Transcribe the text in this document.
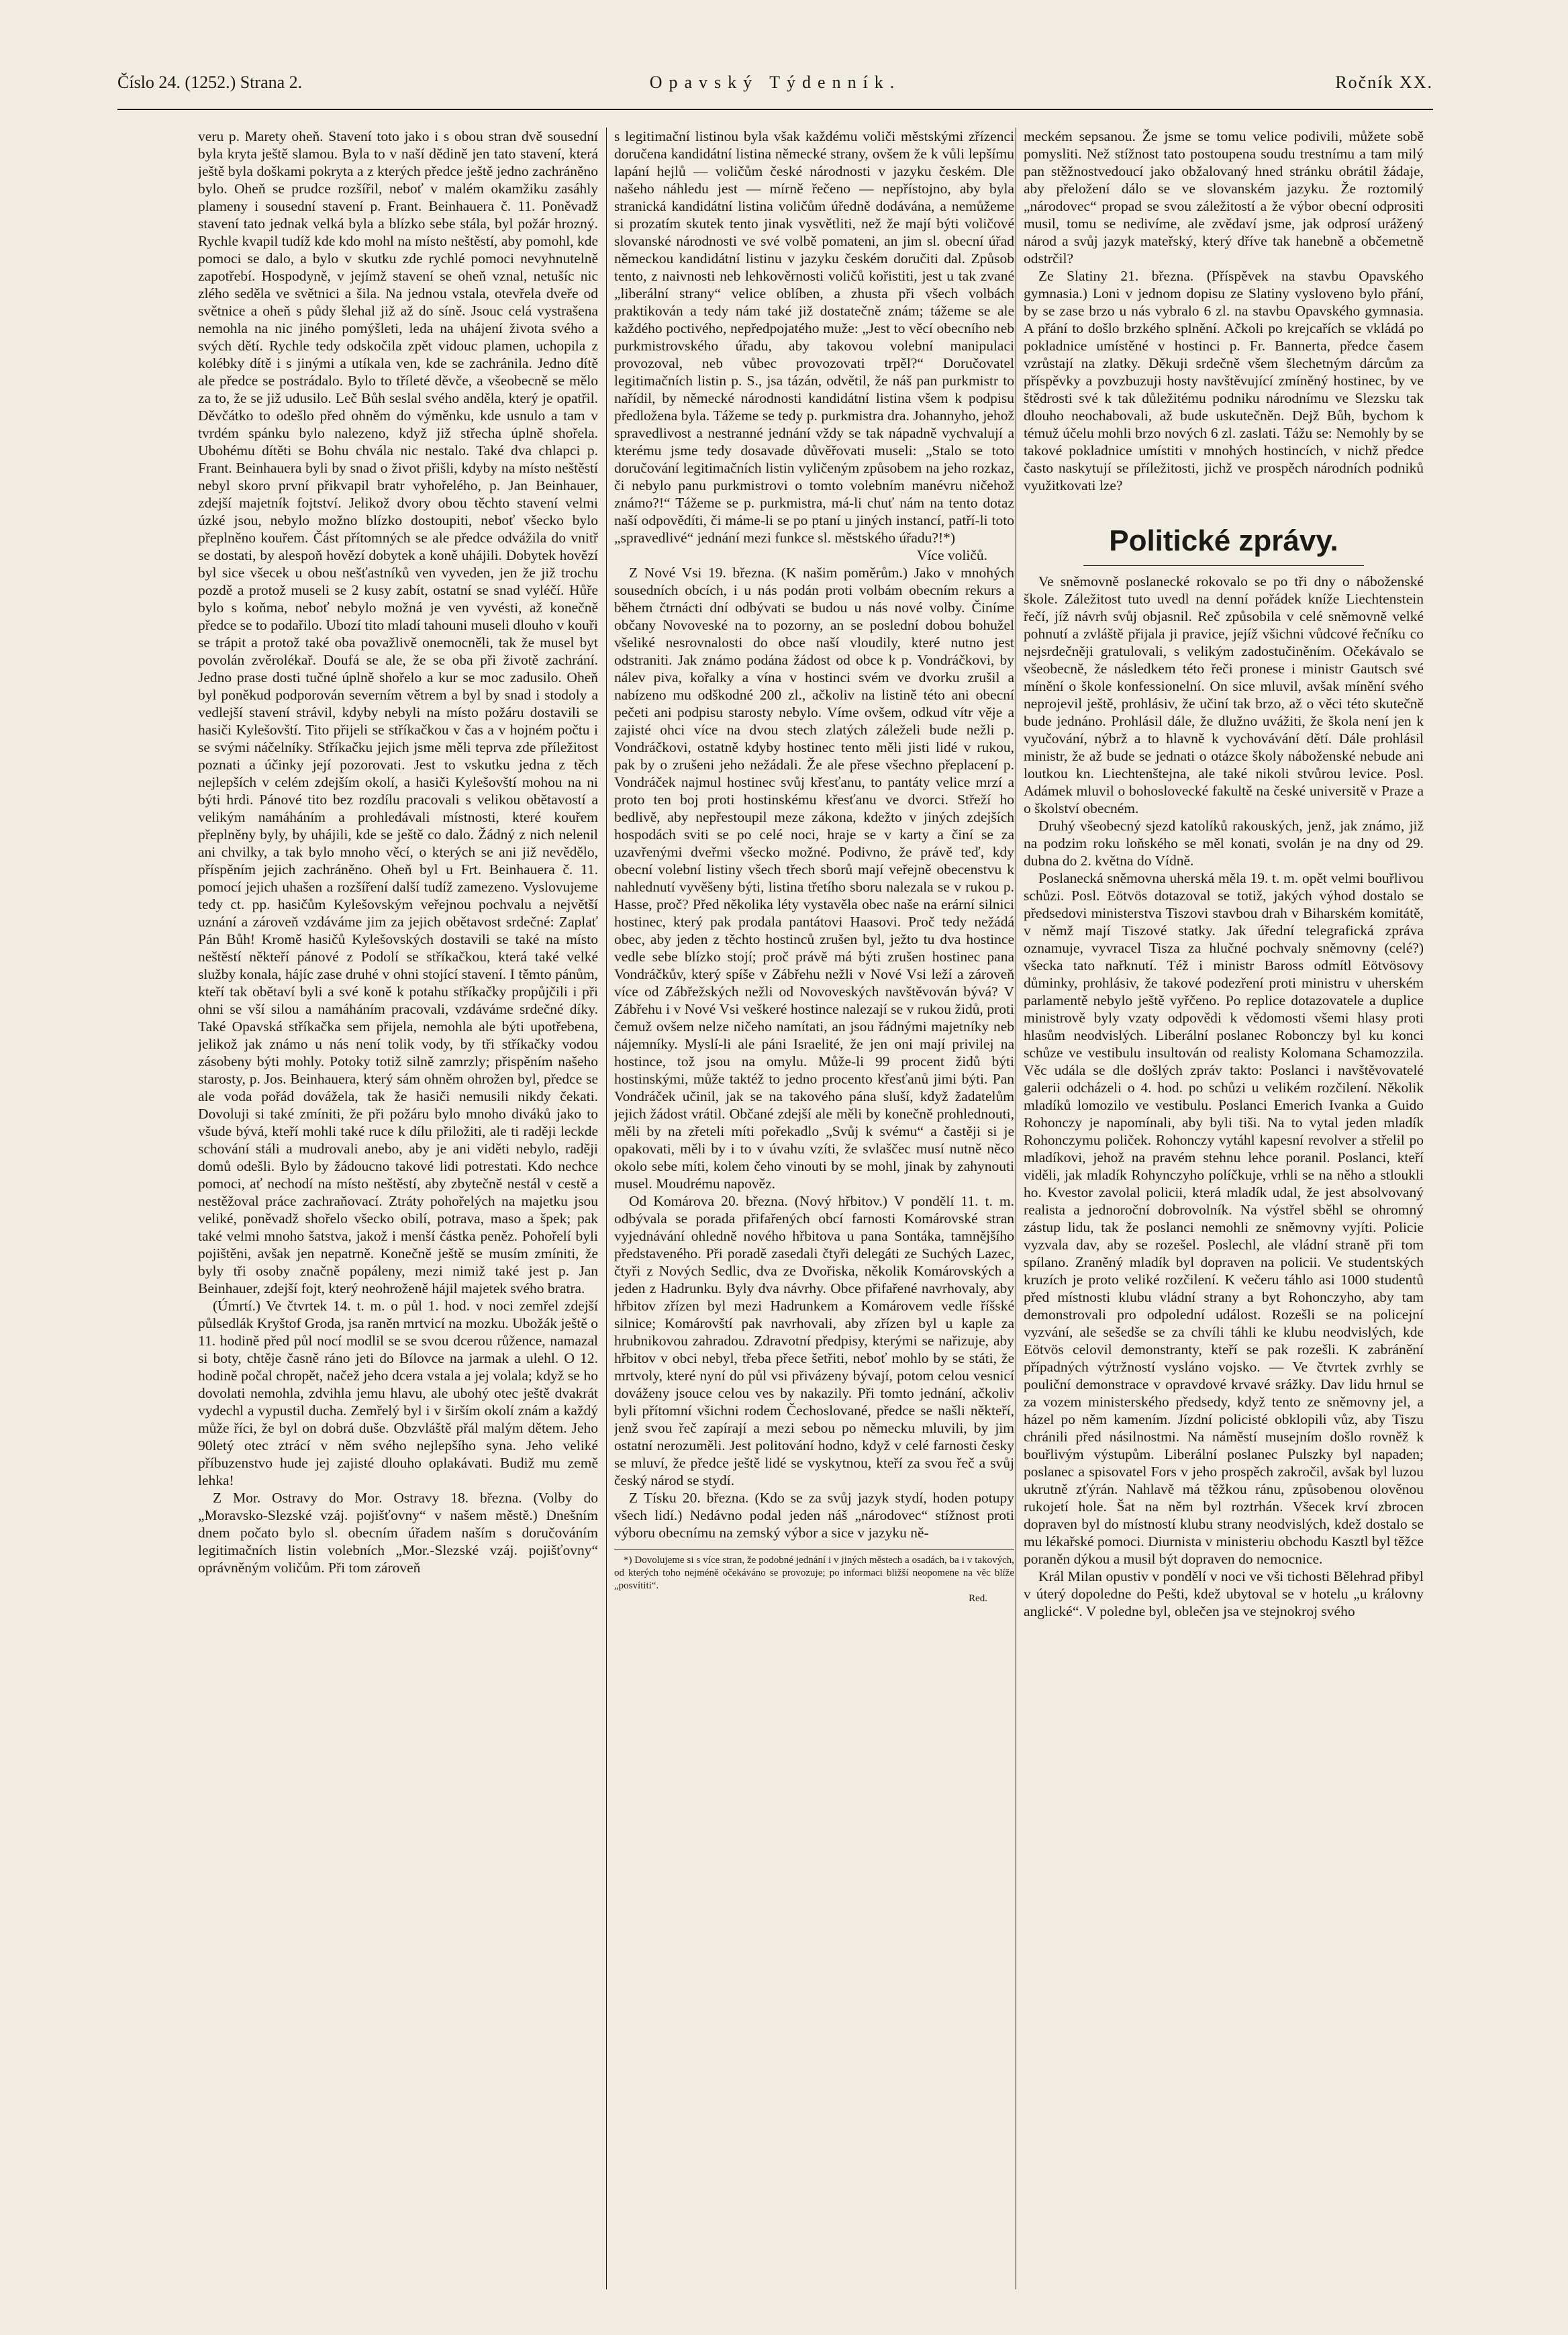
Číslo 24. (1252.) Strana 2.	Opavský Týdenník.	Ročník XX.

veru p. Marety oheň. Stavení toto jako i s obou stran dvě sousední byla kryta ještě slamou. Byla to v naší dědině jen tato stavení, která ještě byla doškami pokryta a z kterých předce ještě jedno zachráněno bylo. Oheň se prudce rozšířil, neboť v malém okamžiku zasáhly plameny i sousední stavení p. Frant. Beinhauera č. 11. Poněvadž stavení tato jednak velká byla a blízko sebe stála, byl požár hrozný. Rychle kvapil tudíž kde kdo mohl na místo neštěstí, aby pomohl, kde pomoci se dalo, a bylo v skutku zde rychlé pomoci nevyhnutelně zapotřebí. Hospodyně, v jejímž stavení se oheň vznal, netušíc nic zlého seděla ve světnici a šila. Na jednou vstala, otevřela dveře od světnice a oheň s půdy šlehal již až do síně. Jsouc celá vystrašena nemohla na nic jiného pomýšleti, leda na uhájení života svého a svých dětí. Rychle tedy odskočila zpět vidouc plamen, uchopila z kolébky dítě i s jinými a utíkala ven, kde se zachránila. Jedno dítě ale předce se postrádalo. Bylo to tříleté děvče, a všeobecně se mělo za to, že se již udusilo. Leč Bůh seslal svého anděla, který je opatřil. Děvčátko to odešlo před ohněm do výměnku, kde usnulo a tam v tvrdém spánku bylo nalezeno, když již střecha úplně shořela. Ubohému dítěti se Bohu chvála nic nestalo. Také dva chlapci p. Frant. Beinhauera byli by snad o život přišli, kdyby na místo neštěstí nebyl skoro první přikvapil bratr vyhořelého, p. Jan Beinhauer, zdejší majetník fojtství. Jelikož dvory obou těchto stavení velmi úzké jsou, nebylo možno blízko dostoupiti, neboť všecko bylo přeplněno kouřem. Část přítomných se ale předce odvážila do vnitř se dostati, by alespoň hovězí dobytek a koně uhájili. Dobytek hovězí byl sice všecek u obou nešťastníků ven vyveden, jen že již trochu pozdě a protož museli se 2 kusy zabít, ostatní se snad vyléčí. Hůře bylo s koňma, neboť nebylo možná je ven vyvésti, až konečně předce se to podařilo. Ubozí tito mladí tahouni museli dlouho v kouři se trápit a protož také oba považlivě onemocněli, tak že musel byt povolán zvěrolékař. Doufá se ale, že se oba při životě zachrání. Jedno prase dosti tučné úplně shořelo a kur se moc zadusilo. Oheň byl poněkud podporován severním větrem a byl by snad i stodoly a vedlejší stavení strávil, kdyby nebyli na místo požáru dostavili se hasiči Kylešovští. Tito přijeli se stříkačkou v čas a v hojném počtu i se svými náčelníky. Stříkačku jejich jsme měli teprva zde příležitost poznati a účinky její pozorovati. Jest to vskutku jedna z těch nejlepších v celém zdejším okolí, a hasiči Kylešovští mohou na ni býti hrdi. Pánové tito bez rozdílu pracovali s velikou obětavostí a velikým namáháním a prohledávali místnosti, které kouřem přeplněny byly, by uhájili, kde se ještě co dalo. Žádný z nich nelenil ani chvilky, a tak bylo mnoho věcí, o kterých se ani již nevědělo, příspěním jejich zachráněno. Oheň byl u Frt. Beinhauera č. 11. pomocí jejich uhašen a rozšíření další tudíž zamezeno. Vyslovujeme tedy ct. pp. hasičům Kylešovským veřejnou pochvalu a největší uznání a zároveň vzdáváme jim za jejich obětavost srdečné: Zaplať Pán Bůh! Kromě hasičů Kylešovských dostavili se také na místo neštěstí někteří pánové z Podolí se stříkačkou, která také velké služby konala, hájíc zase druhé v ohni stojící stavení. I těmto pánům, kteří tak obětaví byli a své koně k potahu stříkačky propůjčili i při ohni se vší silou a namáháním pracovali, vzdáváme srdečné díky. Také Opavská stříkačka sem přijela, nemohla ale býti upotřebena, jelikož jak známo u nás není tolik vody, by tři stříkačky vodou zásobeny býti mohly. Potoky totiž silně zamrzly; přispěním našeho starosty, p. Jos. Beinhauera, který sám ohněm ohrožen byl, předce se ale voda pořád dovážela, tak že hasiči nemusili nikdy čekati. Dovoluji si také zmíniti, že při požáru bylo mnoho diváků jako to všude bývá, kteří mohli také ruce k dílu přiložiti, ale ti raději leckde schování stáli a mudrovali anebo, aby je ani viděti nebylo, raději domů odešli. Bylo by žádoucno takové lidi potrestati. Kdo nechce pomoci, ať nechodí na místo neštěstí, aby zbytečně nestál v cestě a nestěžoval práce zachraňovací. Ztráty pohořelých na majetku jsou veliké, poněvadž shořelo všecko obilí, potrava, maso a špek; pak také velmi mnoho šatstva, jakož i menší částka peněz. Pohořelí byli pojištěni, avšak jen nepatrně. Konečně ještě se musím zmíniti, že byly tři osoby značně popáleny, mezi nimiž také jest p. Jan Beinhauer, zdejší fojt, který neohroženě hájil majetek svého bratra.

(Úmrtí.) Ve čtvrtek 14. t. m. o půl 1. hod. v noci zemřel zdejší půlsedlák Kryštof Groda, jsa raněn mrtvicí na mozku. Ubožák ještě o 11. hodině před půl nocí modlil se se svou dcerou růžence, namazal si boty, chtěje časně ráno jeti do Bílovce na jarmak a ulehl. O 12. hodině počal chropět, načež jeho dcera vstala a jej volala; když se ho dovolati nemohla, zdvihla jemu hlavu, ale ubohý otec ještě dvakrát vydechl a vypustil ducha. Zemřelý byl i v širším okolí znám a každý může říci, že byl on dobrá duše. Obzvláště přál malým dětem. Jeho 90letý otec ztrácí v něm svého nejlepšího syna. Jeho veliké příbuzenstvo hude jej zajisté dlouho oplakávati. Budiž mu země lehka!

Z Mor. Ostravy do Mor. Ostravy 18. března. (Volby do „Moravsko-Slezské vzáj. pojišťovny“ v našem městě.) Dnešním dnem počato bylo sl. obecním úřadem naším s doručováním legitimačních listin volebních „Mor.-Slezské vzáj. pojišťovny“ oprávněným voličům. Při tom zároveň

s legitimační listinou byla však každému voliči městskými zřízenci doručena kandidátní listina německé strany, ovšem že k vůli lepšímu lapání hejlů — voličům české národnosti v jazyku českém. Dle našeho náhledu jest — mírně řečeno — nepřístojno, aby byla stranická kandidátní listina voličům úředně dodávána, a nemůžeme si prozatím skutek tento jinak vysvětliti, než že mají býti voličové slovanské národnosti ve své volbě pomateni, an jim sl. obecní úřad německou kandidátní listinu v jazyku českém doručiti dal. Způsob tento, z naivnosti neb lehkověrnosti voličů kořistiti, jest u tak zvané „liberální strany“ velice oblíben, a zhusta při všech volbách praktikován a tedy nám také již dostatečně znám; tážeme se ale každého poctivého, nepředpojatého muže: „Jest to věcí obecního neb purkmistrovského úřadu, aby takovou volební manipulaci provozoval, neb vůbec provozovati trpěl?“ Doručovatel legitimačních listin p. S., jsa tázán, odvětil, že náš pan purkmistr to nařídil, by německé národnosti kandidátní listina všem k podpisu předložena byla. Tážeme se tedy p. purkmistra dra. Johannyho, jehož spravedlivost a nestranné jednání vždy se tak nápadně vychvalují a kterému jsme tedy dosavade důvěřovati museli: „Stalo se toto doručování legitimačních listin vyličeným způsobem na jeho rozkaz, či nebylo panu purkmistrovi o tomto volebním manévru ničehož známo?!“ Tážeme se p. purkmistra, má-li chuť nám na tento dotaz naší odpovědíti, či máme-li se po ptaní u jiných instancí, patří-li toto „spravedlivé“ jednání mezi funkce sl. městského úřadu?!*)

Více voličů.

Z Nové Vsi 19. března. (K našim poměrům.) Jako v mnohých sousedních obcích, i u nás podán proti volbám obecním rekurs a během čtrnácti dní odbývati se budou u nás nové volby. Činíme občany Novoveské na to pozorny, an se poslední dobou bohužel všeliké nesrovnalosti do obce naší vloudily, které nutno jest odstraniti. Jak známo podána žádost od obce k p. Vondráčkovi, by nálev piva, kořalky a vína v hostinci svém ve dvorku zrušil a nabízeno mu odškodné 200 zl., ačkoliv na listině této ani obecní pečeti ani podpisu starosty nebylo. Víme ovšem, odkud vítr věje a zajisté ohci více na dvou stech zlatých záleželi bude nežli p. Vondráčkovi, ostatně kdyby hostinec tento měli jisti lidé v rukou, pak by o zrušeni jeho nežádali. Že ale přese všechno přeplacení p. Vondráček najmul hostinec svůj křesťanu, to pantáty velice mrzí a proto ten boj proti hostinskému křesťanu ve dvorci. Střeží ho bedlivě, aby nepřestoupil meze zákona, kdežto v jiných zdejších hospodách sviti se po celé noci, hraje se v karty a činí se za uzavřenými dveřmi všecko možné. Podivno, že právě teď, kdy obecní volební listiny všech třech sborů mají veřejně obecenstvu k nahlednutí vyvěšeny býti, listina třetího sboru nalezala se v rukou p. Hasse, proč? Před několika léty vystavěla obec naše na erární silnici hostinec, který pak prodala pantátovi Haasovi. Proč tedy nežádá obec, aby jeden z těchto hostinců zrušen byl, ježto tu dva hostince vedle sebe blízko stojí; proč právě má býti zrušen hostinec pana Vondráčkův, který spíše v Zábřehu nežli v Nové Vsi leží a zároveň více od Zábřežských nežli od Novoveských navštěvován bývá? V Zábřehu i v Nové Vsi veškeré hostince nalezají se v rukou židů, proti čemuž ovšem nelze ničeho namítati, an jsou řádnými majetníky neb nájemníky. Myslí-li ale páni Israelité, že jen oni mají privilej na hostince, tož jsou na omylu. Může-li 99 procent židů býti hostinskými, může taktéž to jedno procento křesťanů jimi býti. Pan Vondráček učinil, jak se na takového pána sluší, když žadatelům jejich žádost vrátil. Občané zdejší ale měli by konečně prohlednouti, měli by na zřeteli míti pořekadlo „Svůj k svému“ a častěji si je opakovati, měli by i to v úvahu vzíti, že svlaščec musí nutně něco okolo sebe míti, kolem čeho vinouti by se mohl, jinak by zahynouti musel. Moudrému napověz.

Od Komárova 20. března. (Nový hřbitov.) V pondělí 11. t. m. odbývala se porada přifařených obcí farnosti Komárovské stran vyjednávání ohledně nového hřbitova u pana Sontáka, tamnějšího představeného. Při poradě zasedali čtyři delegáti ze Suchých Lazec, čtyři z Nových Sedlic, dva ze Dvořiska, několik Komárovských a jeden z Hadrunku. Byly dva návrhy. Obce přifařené navrhovaly, aby hřbitov zřízen byl mezi Hadrunkem a Komárovem vedle říšské silnice; Komárovští pak navrhovali, aby zřízen byl u kaple za hrubnikovou zahradou. Zdravotní předpisy, kterými se nařizuje, aby hřbitov v obci nebyl, třeba přece šetřiti, neboť mohlo by se státi, že mrtvoly, které nyní do půl vsi přivázeny bývají, potom celou vesnicí dováženy jsouce celou ves by nakazily. Při tomto jednání, ačkoliv byli přítomní všichni rodem Čechoslované, předce se našli někteří, jenž svou řeč zapírají a mezi sebou po německu mluvili, by jim ostatní nerozuměli. Jest politování hodno, když v celé farnosti česky se mluví, že předce ještě lidé se vyskytnou, kteří za svou řeč a svůj český národ se stydí.

Z Tísku 20. března. (Kdo se za svůj jazyk stydí, hoden potupy všech lidí.) Nedávno podal jeden náš „národovec“ stížnost proti výboru obecnímu na zemský výbor a sice v jazyku ně-

*) Dovolujeme si s více stran, že podobné jednání i v jiných městech a osadách, ba i v takových, od kterých toho nejméně očekáváno se provozuje; po informaci bližší neopomene na věc blíže „posvítiti“.

Red.

meckém sepsanou. Že jsme se tomu velice podivili, můžete sobě pomysliti. Než stížnost tato postoupena soudu trestnímu a tam milý pan stěžnostvedoucí jako obžalovaný hned stránku obrátil žádaje, aby přeložení dálo se ve slovanském jazyku. Že roztomilý „národovec“ propad se svou záležitostí a že výbor obecní odprositi musil, tomu se nedivíme, ale zvědaví jsme, jak odprosí urážený národ a svůj jazyk mateřský, který dříve tak hanebně a občemetně odstrčil?

Ze Slatiny 21. března. (Příspěvek na stavbu Opavského gymnasia.) Loni v jednom dopisu ze Slatiny vysloveno bylo přání, by se zase brzo u nás vybralo 6 zl. na stavbu Opavského gymnasia. A přání to došlo brzkého splnění. Ačkoli po krejcařích se vkládá po pokladnice umístěné v hostinci p. Fr. Bannerta, předce časem vzrůstají na zlatky. Děkuji srdečně všem šlechetným dárcům za příspěvky a povzbuzuji hosty navštěvující zmíněný hostinec, by ve štědrosti své k tak důležitému podniku národnímu ve Slezsku tak dlouho neochabovali, až bude uskutečněn. Dejž Bůh, bychom k témuž účelu mohli brzo nových 6 zl. zaslati. Tážu se: Nemohly by se takové pokladnice umístiti v mnohých hostincích, v nichž předce často naskytují se příležitosti, jichž ve prospěch národních podniků využitkovati lze?

Politické zprávy.

Ve sněmovně poslanecké rokovalo se po tři dny o náboženské škole. Záležitost tuto uvedl na denní pořádek kníže Liechtenstein řečí, jíž návrh svůj objasnil. Reč způsobila v celé sněmovně velké pohnutí a zvláště přijala ji pravice, jejíž všichni vůdcové řečníku co nejsrdečněji gratulovali, s velikým zadostučiněním. Očekávalo se všeobecně, že následkem této řeči pronese i ministr Gautsch své mínění o škole konfessionelní. On sice mluvil, avšak mínění svého neprojevil ještě, prohlásiv, že učiní tak brzo, až o věci této skutečně bude jednáno. Prohlásil dále, že dlužno uvážiti, že škola není jen k vyučování, nýbrž a to hlavně k vychovávání dětí. Dále prohlásil ministr, že až bude se jednati o otázce školy náboženské nebude ani loutkou kn. Liechtenštejna, ale také nikoli stvůrou levice. Posl. Adámek mluvil o bohoslovecké fakultě na české universitě v Praze a o školství obecném.

Druhý všeobecný sjezd katolíků rakouských, jenž, jak známo, již na podzim roku loňského se měl konati, svolán je na dny od 29. dubna do 2. května do Vídně.

Poslanecká sněmovna uherská měla 19. t. m. opět velmi bouřlivou schůzi. Posl. Eötvös dotazoval se totiž, jakých výhod dostalo se předsedovi ministerstva Tiszovi stavbou drah v Biharském komitátě, v němž mají Tiszové statky. Jak úřední telegrafická zpráva oznamuje, vyvracel Tisza za hlučné pochvaly sněmovny (celé?) všecka tato nařknutí. Též i ministr Baross odmítl Eötvösovy důminky, prohlásiv, že takové podezření proti ministru v uherském parlamentě nebylo ještě vyřčeno. Po replice dotazovatele a duplice ministrově byly vzaty odpovědi k vědomosti všemi hlasy proti hlasům neodvislých. Liberální poslanec Robonczy byl ku konci schůze ve vestibulu insultován od realisty Kolomana Schamozzila. Věc udála se dle došlých zpráv takto: Poslanci i navštěvovatelé galerii odcházeli o 4. hod. po schůzi u velikém rozčilení. Několik mladíků lomozilo ve vestibulu. Poslanci Emerich Ivanka a Guido Rohonczy je napomínali, aby byli tiši. Na to vytal jeden mladík Rohonczymu poliček. Rohonczy vytáhl kapesní revolver a střelil po mladíkovi, jehož na pravém stehnu lehce poranil. Poslanci, kteří viděli, jak mladík Rohynczyho políčkuje, vrhli se na něho a stloukli ho. Kvestor zavolal policii, která mladík udal, že jest absolvovaný realista a jednoroční dobrovolník. Na výstřel sběhl se ohromný zástup lidu, tak že poslanci nemohli ze sněmovny vyjíti. Policie vyzvala dav, aby se rozešel. Poslechl, ale vládní straně při tom spílano. Zraněný mladík byl dopraven na policii. Ve studentských kruzích je proto veliké rozčilení. K večeru táhlo asi 1000 studentů před místnosti klubu vládní strany a byt Rohonczyho, aby tam demonstrovali pro odpolední událost. Rozešli se na policejní vyzvání, ale sešedše se za chvíli táhli ke klubu neodvislých, kde Eötvös celovil demonstranty, kteří se pak rozešli. K zabránění případných výtržností vysláno vojsko. — Ve čtvrtek zvrhly se pouliční demonstrace v opravdové krvavé srážky. Dav lidu hrnul se za vozem ministerského předsedy, když tento ze sněmovny jel, a házel po něm kamením. Jízdní policisté obklopili vůz, aby Tiszu chránili před násilnostmi. Na náměstí musejním došlo rovněž k bouřlivým výstupům. Liberální poslanec Pulszky byl napaden; poslanec a spisovatel Fors v jeho prospěch zakročil, avšak byl luzou ukrutně zťýrán. Nahlavě má těžkou ránu, způsobenou olověnou rukojetí hole. Šat na něm byl roztrhán. Všecek krví zbrocen dopraven byl do místností klubu strany neodvislých, kdež dostalo se mu lékařské pomoci. Diurnista v ministeriu obchodu Kasztl byl těžce poraněn dýkou a musil být dopraven do nemocnice.

Král Milan opustiv v pondělí v noci ve vši tichosti Bělehrad přibyl v úterý dopoledne do Pešti, kdež ubytoval se v hotelu „u královny anglické“. V poledne byl, oblečen jsa ve stejnokroj svého
